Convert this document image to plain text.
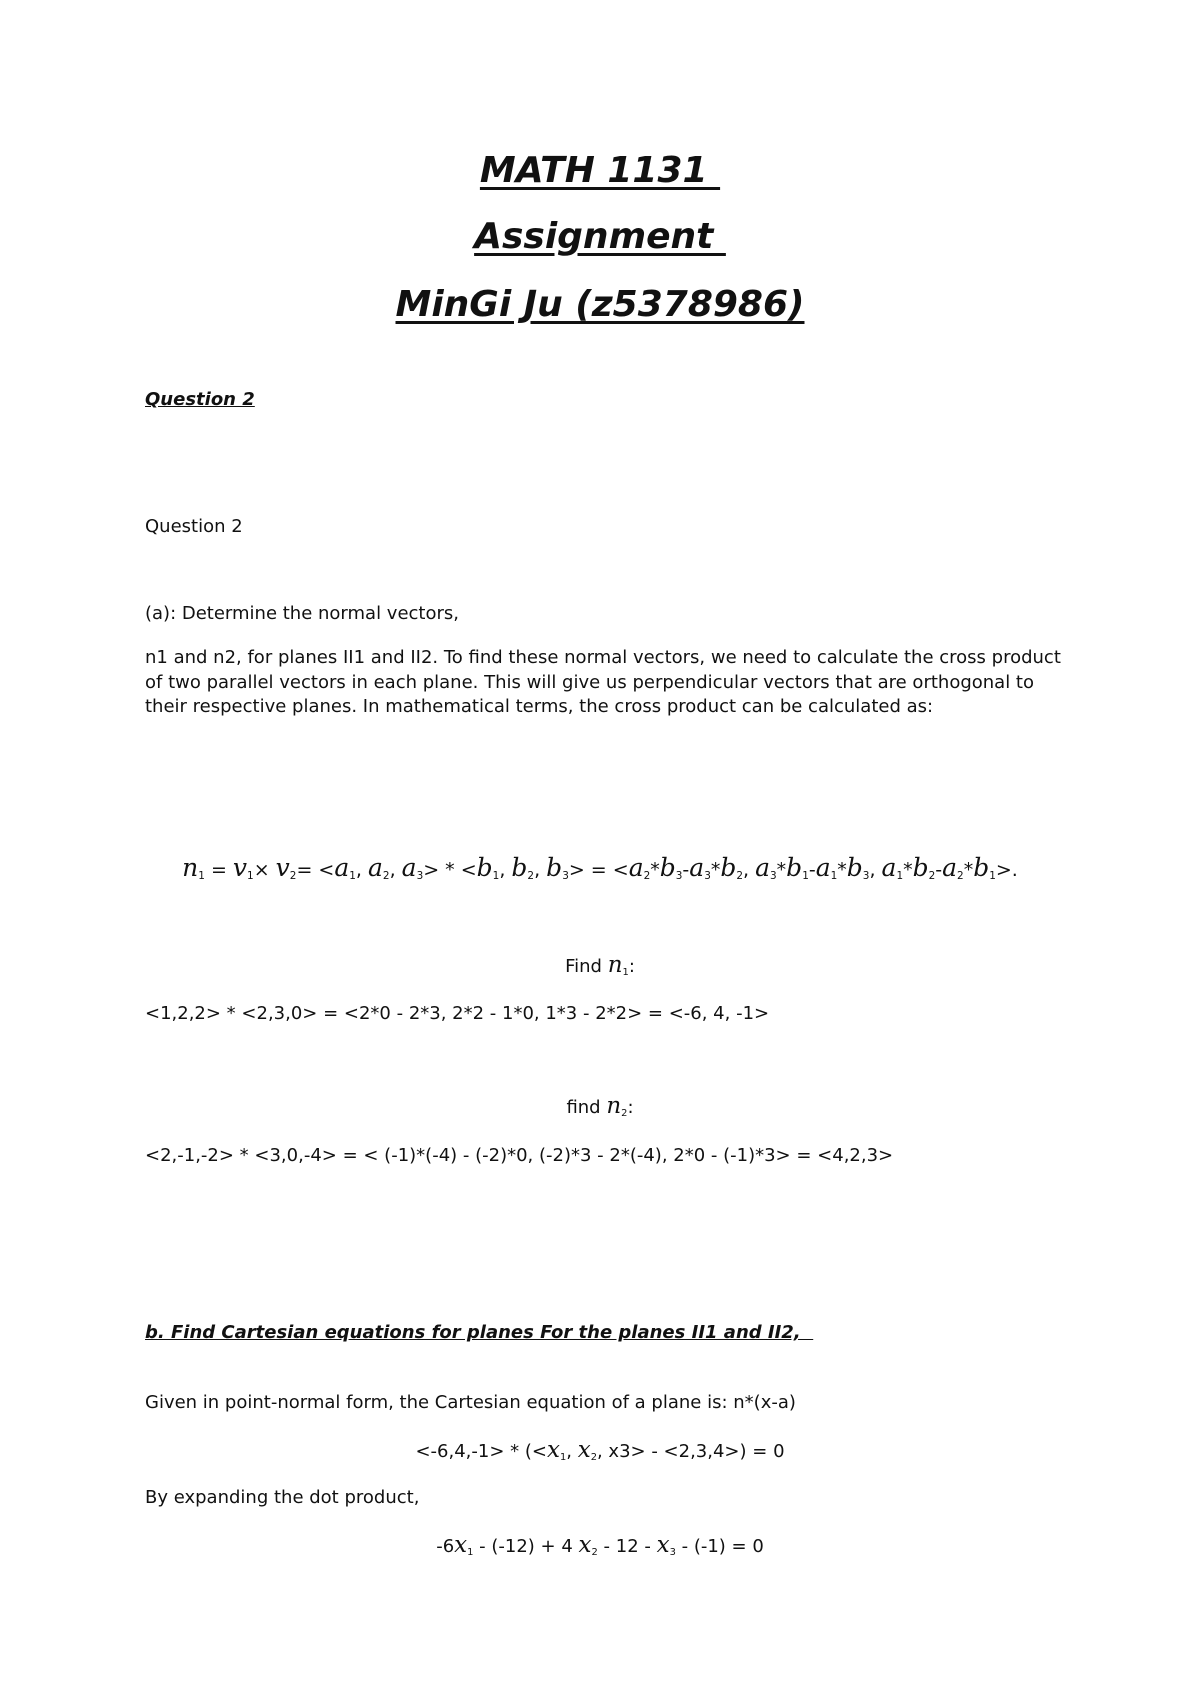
MATH 1131
Assignment
MinGi Ju (z5378986)
Question 2
Question 2
(a): Determine the normal vectors,
n1 and n2, for planes II1 and II2. To find these normal vectors, we need to calculate the cross product of two parallel vectors in each plane. This will give us perpendicular vectors that are orthogonal to their respective planes. In mathematical terms, the cross product can be calculated as:
$n_1 = v_1\times v_2= <a_1$, $a_2$, $a_3> * <b_1$, $b_2$, $b_3> = <a_2*b_3-a_3*b_2$, $a_3*b_1-a_1*b_3$, $a_1*b_2-a_2*b_1>$.
Find $n_1$:
<1,2,2> * <2,3,0> = <2*0 - 2*3, 2*2 - 1*0, 1*3 - 2*2> = <-6, 4, -1>
find $n_2$:
<2,-1,-2> * <3,0,-4> = < (-1)*(-4) - (-2)*0, (-2)*3 - 2*(-4), 2*0 - (-1)*3> = <4,2,3>
b. Find Cartesian equations for planes For the planes II1 and II2,
Given in point-normal form, the Cartesian equation of a plane is: n*(x-a)
$<-6,4,-1> * (<x_1$, $x_2$, x3> - <2,3,4>) = 0
By expanding the dot product,
$-6x_1 - (-12) + 4$ $x_2 - 12 - x_3 - (-1) = 0$
